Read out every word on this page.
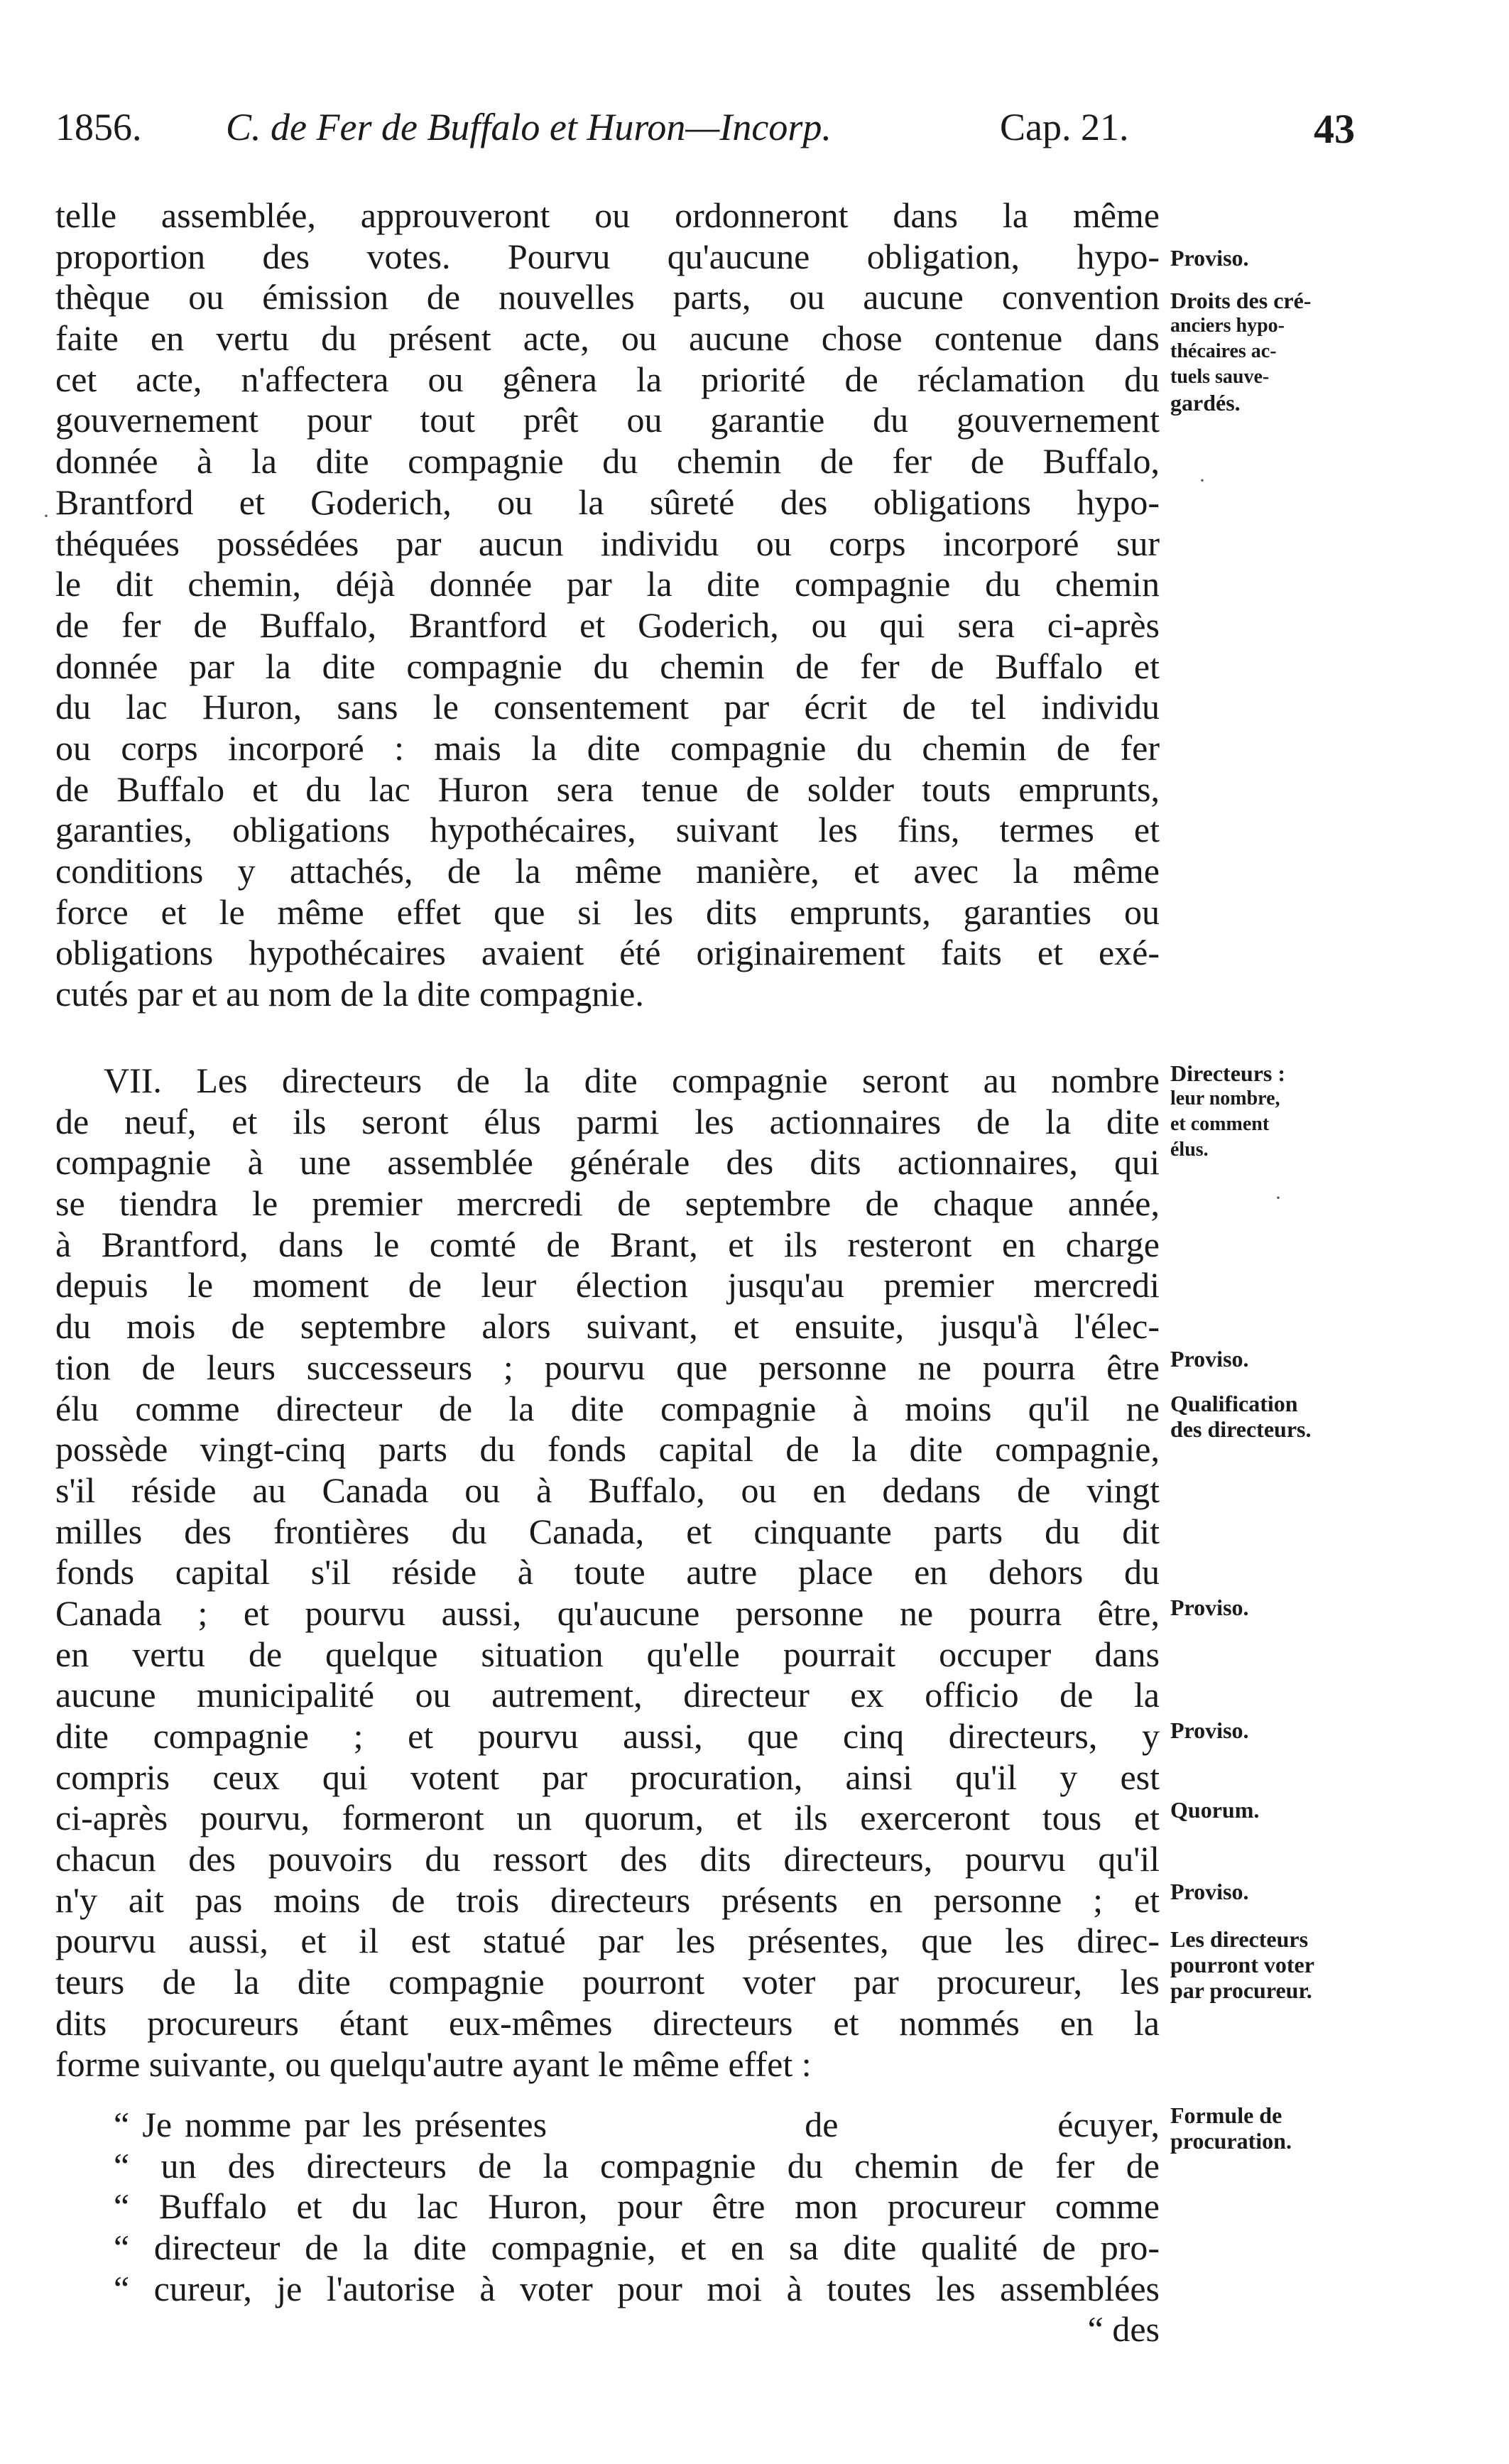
1856. C. de Fer de Buffalo et Huron—Incorp.	Cap. 21.	43
telle assemblée, approuveront ou ordonneront dans la même
proportion des votes. Pourvu qu'aucune obligation, hypo-
thèque ou émission de nouvelles parts, ou aucune convention
faite en vertu du présent acte, ou aucune chose contenue dans
cet acte, n'affectera ou gênera la priorité de réclamation du
gouvernement pour tout prêt ou garantie du gouvernement
donnée à la dite compagnie du chemin de fer de Buffalo,
Brantford et Goderich, ou la sûreté des obligations hypo-
théquées possédées par aucun individu ou corps incorporé sur
le dit chemin, déjà donnée par la dite compagnie du chemin
de fer de Buffalo, Brantford et Goderich, ou qui sera ci-après
donnée par la dite compagnie du chemin de fer de Buffalo et
du lac Huron, sans le consentement par écrit de tel individu
ou corps incorporé : mais la dite compagnie du chemin de fer
de Buffalo et du lac Huron sera tenue de solder touts emprunts,
garanties, obligations hypothécaires, suivant les fins, termes et
conditions y attachés, de la même manière, et avec la même
force et le même effet que si les dits emprunts, garanties ou
obligations hypothécaires avaient été originairement faits et exé-
cutés par et au nom de la dite compagnie.
VII. Les directeurs de la dite compagnie seront au nombre
de neuf, et ils seront élus parmi les actionnaires de la dite
compagnie à une assemblée générale des dits actionnaires, qui
se tiendra le premier mercredi de septembre de chaque année,
à Brantford, dans le comté de Brant, et ils resteront en charge
depuis le moment de leur élection jusqu'au premier mercredi
du mois de septembre alors suivant, et ensuite, jusqu'à l'élec-
tion de leurs successeurs ; pourvu que personne ne pourra être
élu comme directeur de la dite compagnie à moins qu'il ne
possède vingt-cinq parts du fonds capital de la dite compagnie,
s'il réside au Canada ou à Buffalo, ou en dedans de vingt
milles des frontières du Canada, et cinquante parts du dit
fonds capital s'il réside à toute autre place en dehors du
Canada ; et pourvu aussi, qu'aucune personne ne pourra être,
en vertu de quelque situation qu'elle pourrait occuper dans
aucune municipalité ou autrement, directeur ex officio de la
dite compagnie ; et pourvu aussi, que cinq directeurs, y
compris ceux qui votent par procuration, ainsi qu'il y est
ci-après pourvu, formeront un quorum, et ils exerceront tous et
chacun des pouvoirs du ressort des dits directeurs, pourvu qu'il
n'y ait pas moins de trois directeurs présents en personne ; et
pourvu aussi, et il est statué par les présentes, que les direc-
teurs de la dite compagnie pourront voter par procureur, les
dits procureurs étant eux-mêmes directeurs et nommés en la
forme suivante, ou quelqu'autre ayant le même effet :
“ Je nomme par les présentes                    de                 écuyer,
“ un des directeurs de la compagnie du chemin de fer de
“ Buffalo et du lac Huron, pour être mon procureur comme
“ directeur de la dite compagnie, et en sa dite qualité de pro-
“ cureur, je l'autorise à voter pour moi à toutes les assemblées
“ des
Proviso.
Droits des cré-
anciers hypo-
thécaires ac-
tuels sauve-
gardés.
Directeurs :
leur nombre,
et comment
élus.
Proviso.
Qualification
des directeurs.
Proviso.
Proviso.
Quorum.
Proviso.
Les directeurs
pourront voter
par procureur.
Formule de
procuration.
·
·
·
